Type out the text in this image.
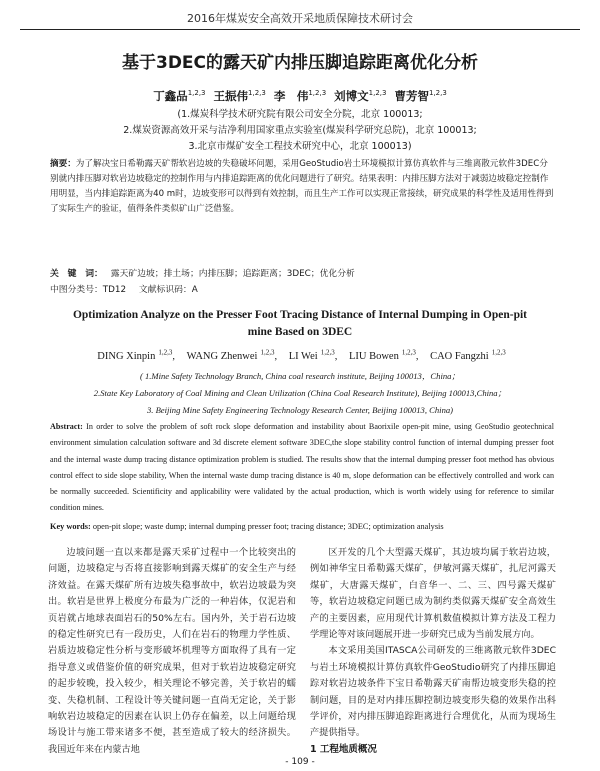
2016年煤炭安全高效开采地质保障技术研讨会
基于3DEC的露天矿内排压脚追踪距离优化分析
丁鑫品$^{1,2,3}$ 王振伟$^{1,2,3}$ 李　伟$^{1,2,3}$ 刘博文$^{1,2,3}$ 曹芳智$^{1,2,3}$
(1.煤炭科学技术研究院有限公司安全分院，北京 100013;
2.煤炭资源高效开采与洁净利用国家重点实验室(煤炭科学研究总院)，北京 100013;
3.北京市煤矿安全工程技术研究中心，北京 100013)
摘要：为了解决宝日希勒露天矿帮软岩边坡的失稳破坏问题，采用GeoStudio岩土环境模拟计算仿真软件与三维离散元软件3DEC分别就内排压脚对软岩边坡稳定的控制作用与内排追踪距离的优化问题进行了研究。结果表明：内排压脚方法对于减弱边坡稳定控制作用明显，当内排追踪距离为40 m时，边坡变形可以得到有效控制，而且生产工作可以实现正常接续，研究成果的科学性及适用性得到了实际生产的验证，值得条件类似矿山广泛借鉴。
关　键　词： 露天矿边坡；排土场；内排压脚；追踪距离；3DEC；优化分析
中图分类号：TD12 文献标识码：A
Optimization Analyze on the Presser Foot Tracing Distance of Internal Dumping in Open-pit mine Based on 3DEC
DING Xinpin $^{1,2,3}$, WANG Zhenwei $^{1,2,3}$, LI Wei $^{1,2,3}$, LIU Bowen $^{1,2,3}$, CAO Fangzhi $^{1,2,3}$
( 1.Mine Safety Technology Branch, China coal research institute, Beijing 100013，China；
2.State Key Laboratory of Coal Mining and Clean Utilization (China Coal Research Institute), Beijing 100013,China；
3. Beijing Mine Safety Engineering Technology Research Center, Beijing 100013, China)
Abstract: In order to solve the problem of soft rock slope deformation and instability about Baorixile open-pit mine, using GeoStudio geotechnical environment simulation calculation software and 3d discrete element software 3DEC,the slope stability control function of internal dumping presser foot and the internal waste dump tracing distance optimization problem is studied. The results show that the internal dumping presser foot method has obvious control effect to side slope stability, When the internal waste dump tracing distance is 40 m, slope deformation can be effectively controlled and work can be normally succeeded. Scientificity and applicability were validated by the actual production, which is worth widely using for reference to similar condition mines.
Key words: open-pit slope; waste dump; internal dumping presser foot; tracing distance; 3DEC; optimization analysis

边坡问题一直以来都是露天采矿过程中一个比较突出的问题，边坡稳定与否将直接影响到露天煤矿的安全生产与经济效益。在露天煤矿所有边坡失稳事故中，软岩边坡最为突出。软岩是世界上极度分布最为广泛的一种岩体，仅泥岩和页岩就占地球表面岩石的50%左右。国内外，关于岩石边坡的稳定性研究已有一段历史，人们在岩石的物理力学性质、岩质边坡稳定性分析与变形破坏机理等方面取得了具有一定指导意义或借鉴价值的研究成果，但对于软岩边坡稳定研究的起步较晚，投入较少，相关理论不够完善，关于软岩的蠕变、失稳机制、工程设计等关键问题一直尚无定论，关于影响软岩边坡稳定的因素在认识上仍存在偏差，以上问题给现场设计与施工带来诸多不便，甚至造成了较大的经济损失。我国近年来在内蒙古地

区开发的几个大型露天煤矿，其边坡均属于软岩边坡，例如神华宝日希勒露天煤矿，伊敏河露天煤矿，扎尼河露天煤矿，大唐露天煤矿，白音华一、二、三、四号露天煤矿等，软岩边坡稳定问题已成为制约类似露天煤矿安全高效生产的主要因素，应用现代计算机数值模拟计算方法及工程力学理论等对该问题展开进一步研究已成为当前发展方向。

本文采用美国ITASCA公司研发的三维离散元软件3DEC与岩土环境模拟计算仿真软件GeoStudio研究了内排压脚追踪对软岩边坡条件下宝日希勒露天矿南帮边坡变形失稳的控制问题，目的是对内排压脚控制边坡变形失稳的效果作出科学评价，对内排压脚追踪距离进行合理优化，从而为现场生产提供指导。

1 工程地质概况
- 109 -
